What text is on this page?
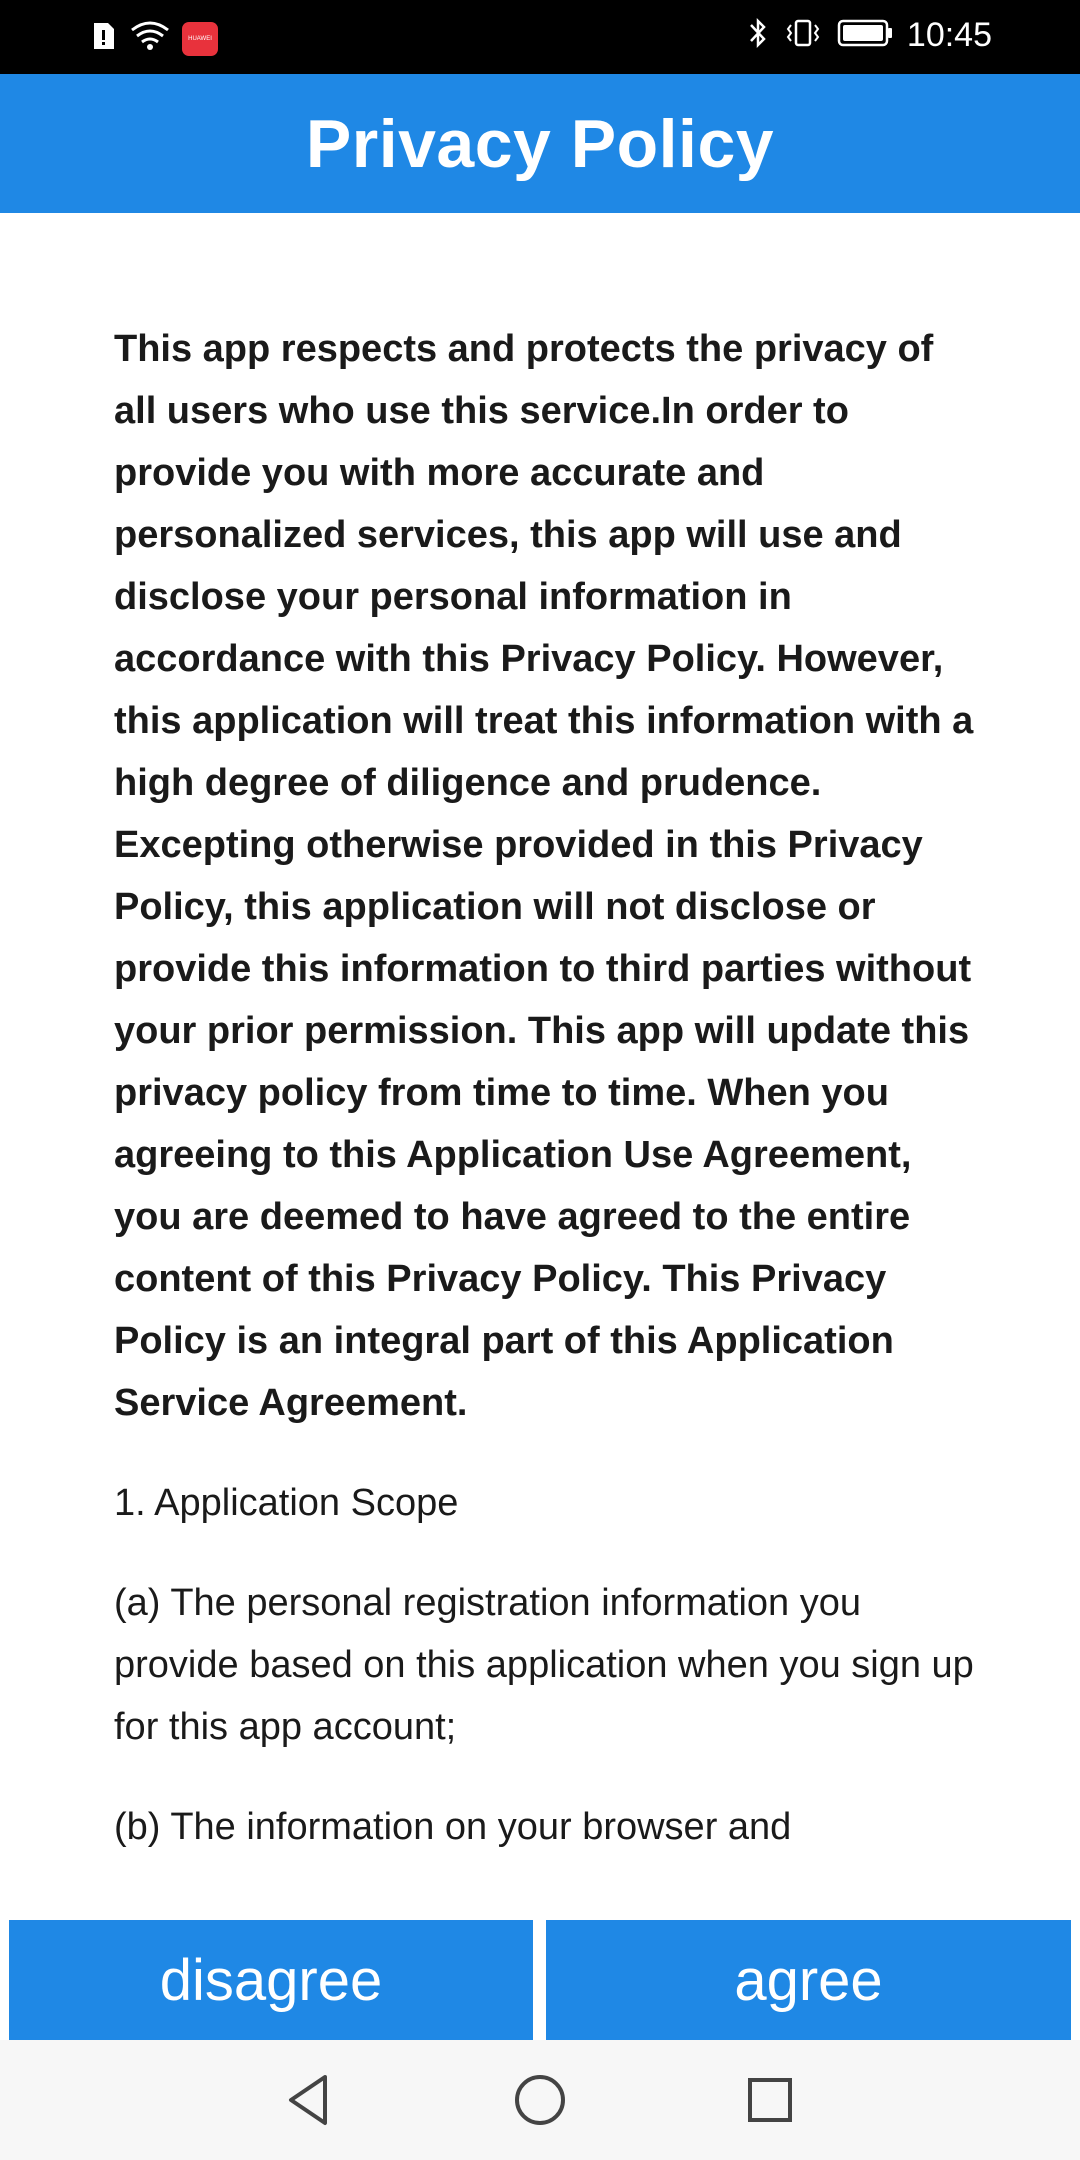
HUAWEI	10:45
Privacy Policy

This app respects and protects the privacy of all users who use this service.In order to provide you with more accurate and personalized services, this app will use and disclose your personal information in accordance with this Privacy Policy. However, this application will treat this information with a high degree of diligence and prudence. Excepting otherwise provided in this Privacy Policy, this application will not disclose or provide this information to third parties without your prior permission. This app will update this privacy policy from time to time. When you agreeing to this Application Use Agreement, you are deemed to have agreed to the entire content of this Privacy Policy. This Privacy Policy is an integral part of this Application Service Agreement.

1. Application Scope

(a) The personal registration information you provide based on this application when you sign up for this app account;

(b) The information on your browser and

disagree	agree
